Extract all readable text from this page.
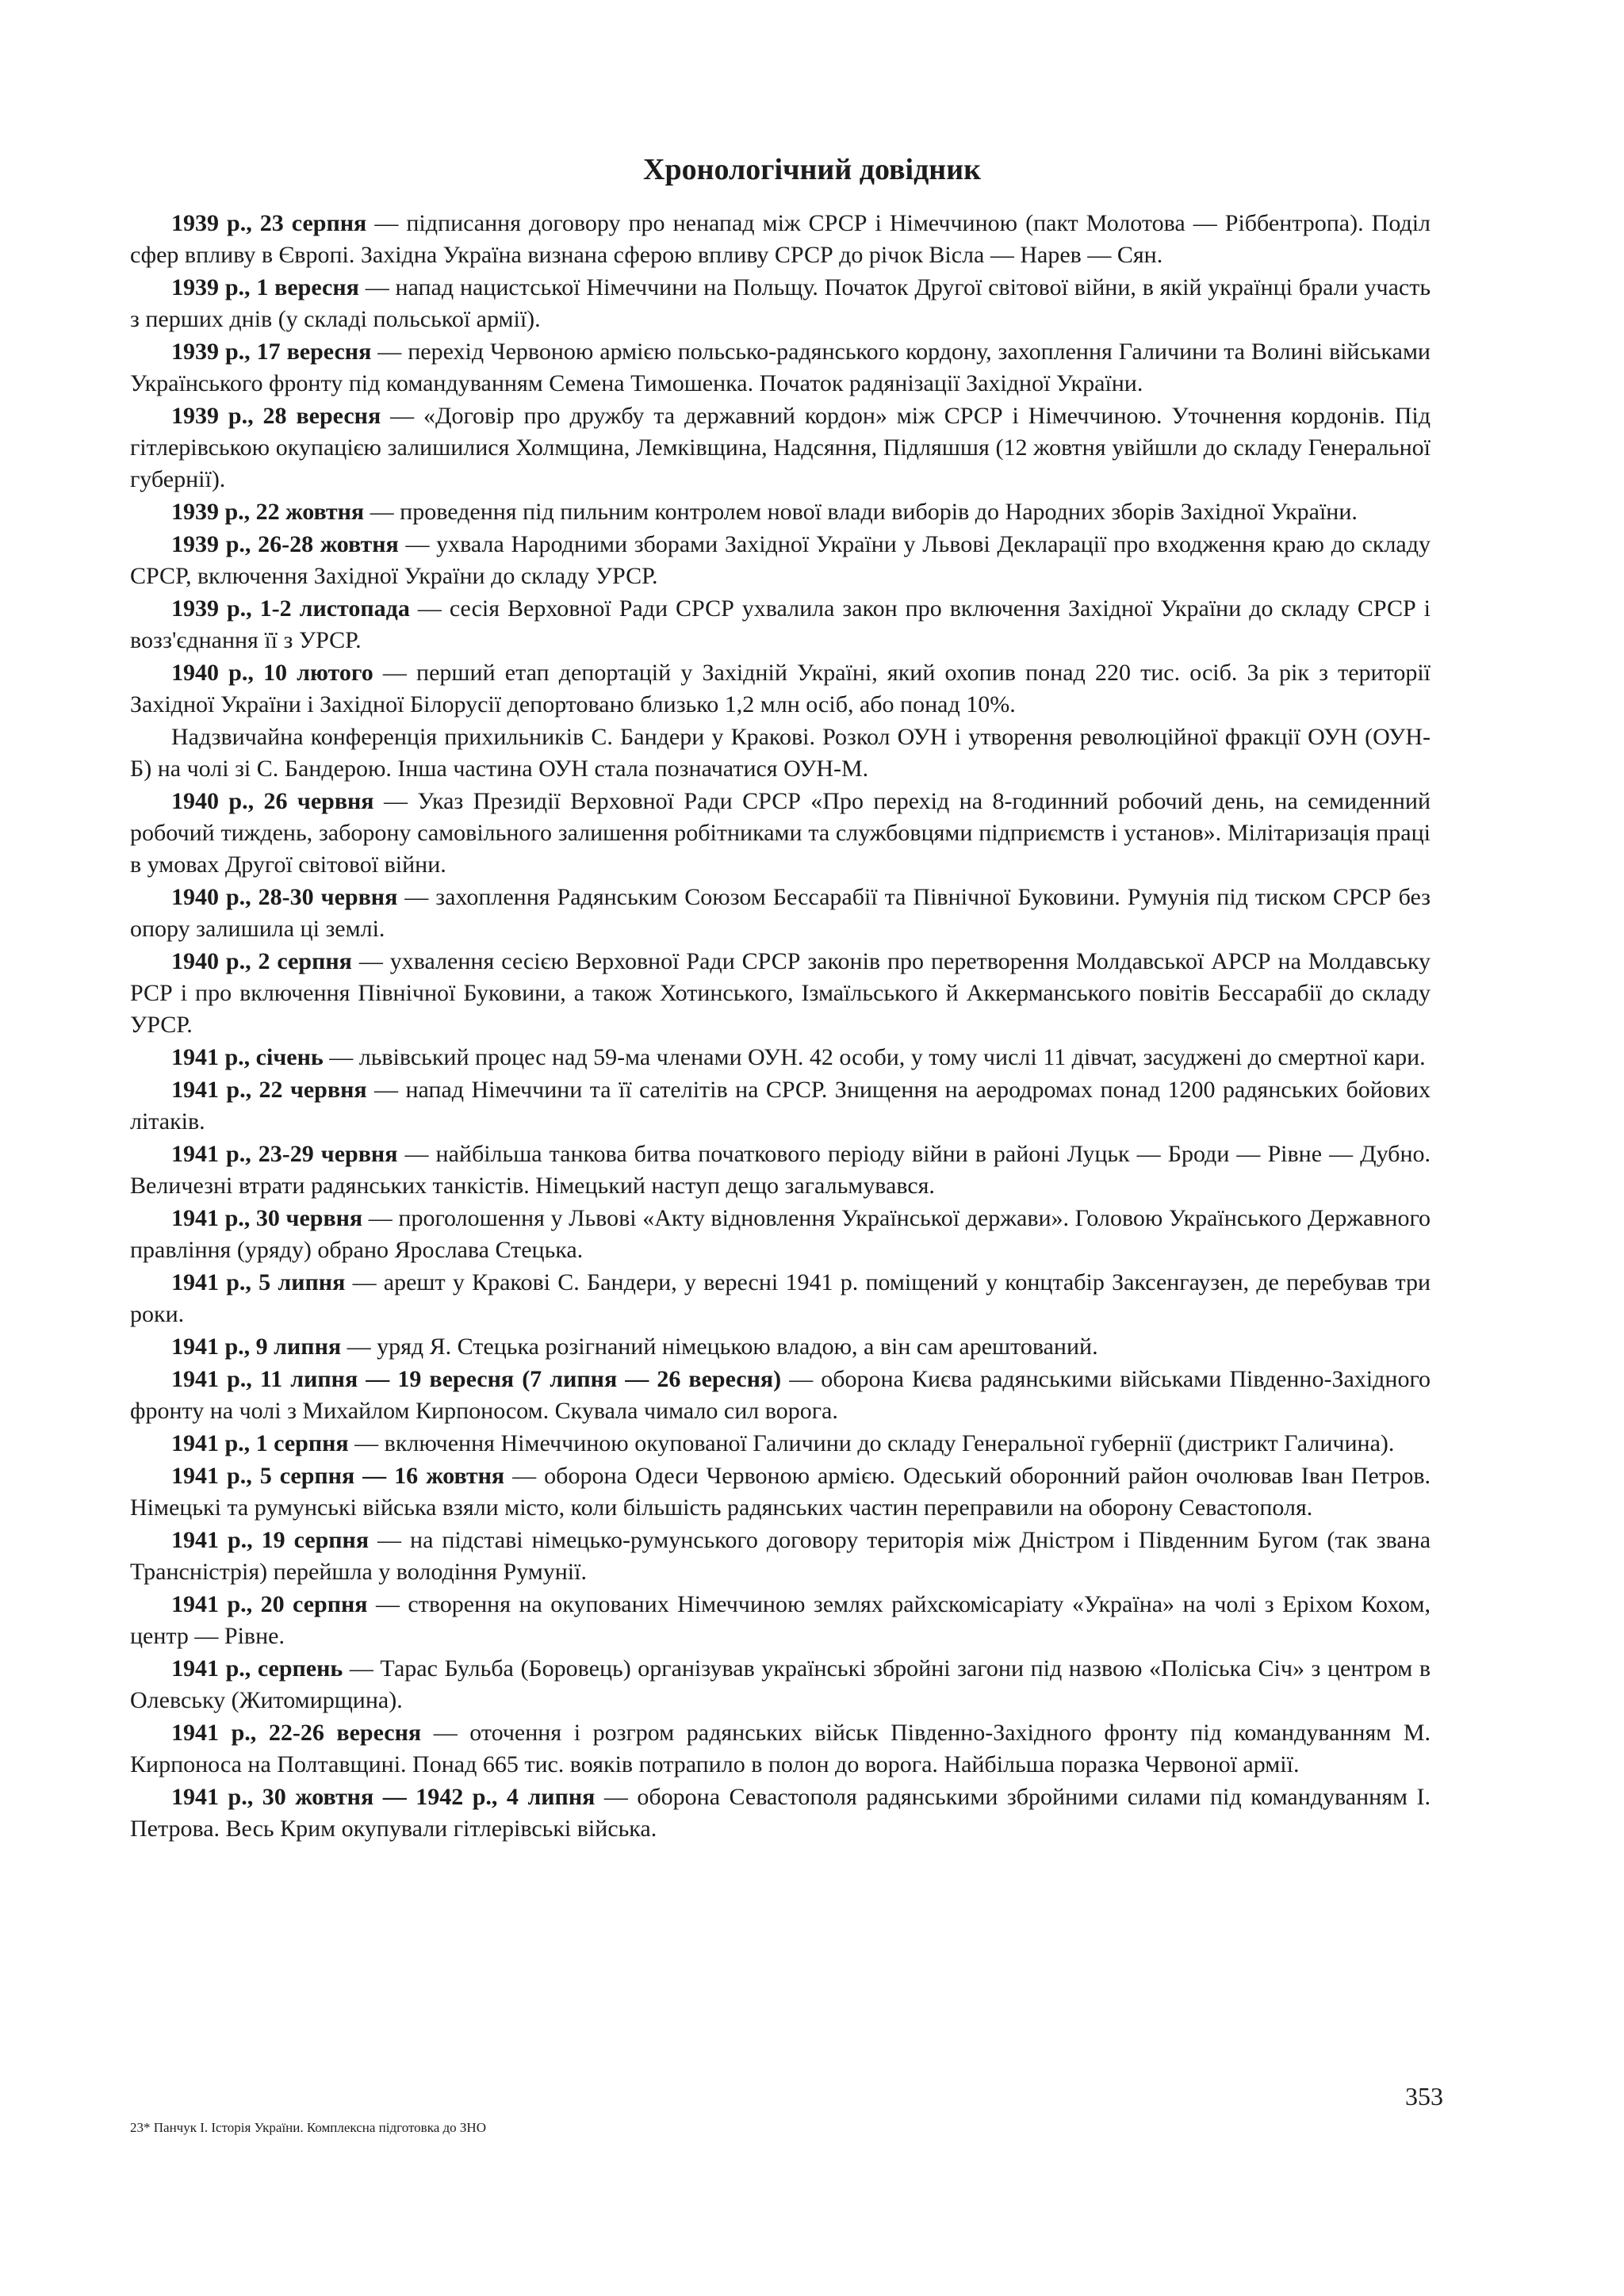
Хронологічний довідник

1939 р., 23 серпня — підписання договору про ненапад між СРСР і Німеччиною (пакт Молотова — Ріббентропа). Поділ сфер впливу в Європі. Західна Україна визнана сферою впливу СРСР до річок Вісла — Нарев — Сян.

1939 р., 1 вересня — напад нацистської Німеччини на Польщу. Початок Другої світової війни, в якій українці брали участь з перших днів (у складі польської армії).

1939 р., 17 вересня — перехід Червоною армією польсько-радянського кордону, захоплення Галичини та Волині військами Українського фронту під командуванням Семена Тимошенка. Початок радянізації Західної України.

1939 р., 28 вересня — «Договір про дружбу та державний кордон» між СРСР і Німеччиною. Уточнення кордонів. Під гітлерівською окупацією залишилися Холмщина, Лемківщина, Надсяння, Підляшшя (12 жовтня увійшли до складу Генеральної губернії).

1939 р., 22 жовтня — проведення під пильним контролем нової влади виборів до Народних зборів Західної України.

1939 р., 26-28 жовтня — ухвала Народними зборами Західної України у Львові Декларації про входження краю до складу СРСР, включення Західної України до складу УРСР.

1939 р., 1-2 листопада — сесія Верховної Ради СРСР ухвалила закон про включення Західної України до складу СРСР і возз'єднання її з УРСР.

1940 р., 10 лютого — перший етап депортацій у Західній Україні, який охопив понад 220 тис. осіб. За рік з території Західної України і Західної Білорусії депортовано близько 1,2 млн осіб, або понад 10%.

Надзвичайна конференція прихильників С. Бандери у Кракові. Розкол ОУН і утворення революційної фракції ОУН (ОУН-Б) на чолі зі С. Бандерою. Інша частина ОУН стала позначатися ОУН-М.

1940 р., 26 червня — Указ Президії Верховної Ради СРСР «Про перехід на 8-годинний робочий день, на семиденний робочий тиждень, заборону самовільного залишення робітниками та службовцями підприємств і установ». Мілітаризація праці в умовах Другої світової війни.

1940 р., 28-30 червня — захоплення Радянським Союзом Бессарабії та Північної Буковини. Румунія під тиском СРСР без опору залишила ці землі.

1940 р., 2 серпня — ухвалення сесією Верховної Ради СРСР законів про перетворення Молдавської АРСР на Молдавську РСР і про включення Північної Буковини, а також Хотинського, Ізмаїльського й Аккерманського повітів Бессарабії до складу УРСР.

1941 р., січень — львівський процес над 59-ма членами ОУН. 42 особи, у тому числі 11 дівчат, засуджені до смертної кари.

1941 р., 22 червня — напад Німеччини та її сателітів на СРСР. Знищення на аеродромах понад 1200 радянських бойових літаків.

1941 р., 23-29 червня — найбільша танкова битва початкового періоду війни в районі Луцьк — Броди — Рівне — Дубно. Величезні втрати радянських танкістів. Німецький наступ дещо загальмувався.

1941 р., 30 червня — проголошення у Львові «Акту відновлення Української держави». Головою Українського Державного правління (уряду) обрано Ярослава Стецька.

1941 р., 5 липня — арешт у Кракові С. Бандери, у вересні 1941 р. поміщений у концтабір Заксенгаузен, де перебував три роки.

1941 р., 9 липня — уряд Я. Стецька розігнаний німецькою владою, а він сам арештований.

1941 р., 11 липня — 19 вересня (7 липня — 26 вересня) — оборона Києва радянськими військами Південно-Західного фронту на чолі з Михайлом Кирпоносом. Скувала чимало сил ворога.

1941 р., 1 серпня — включення Німеччиною окупованої Галичини до складу Генеральної губернії (дистрикт Галичина).

1941 р., 5 серпня — 16 жовтня — оборона Одеси Червоною армією. Одеський оборонний район очолював Іван Петров. Німецькі та румунські війська взяли місто, коли більшість радянських частин переправили на оборону Севастополя.

1941 р., 19 серпня — на підставі німецько-румунського договору територія між Дністром і Південним Бугом (так звана Трансністрія) перейшла у володіння Румунії.

1941 р., 20 серпня — створення на окупованих Німеччиною землях райхскомісаріату «Україна» на чолі з Еріхом Кохом, центр — Рівне.

1941 р., серпень — Тарас Бульба (Боровець) організував українські збройні загони під назвою «Поліська Січ» з центром в Олевську (Житомирщина).

1941 р., 22-26 вересня — оточення і розгром радянських військ Південно-Західного фронту під командуванням М. Кирпоноса на Полтавщині. Понад 665 тис. вояків потрапило в полон до ворога. Найбільша поразка Червоної армії.

1941 р., 30 жовтня — 1942 р., 4 липня — оборона Севастополя радянськими збройними силами під командуванням І. Петрова. Весь Крим окупували гітлерівські війська.

353
23* Панчук І. Історія України. Комплексна підготовка до ЗНО
